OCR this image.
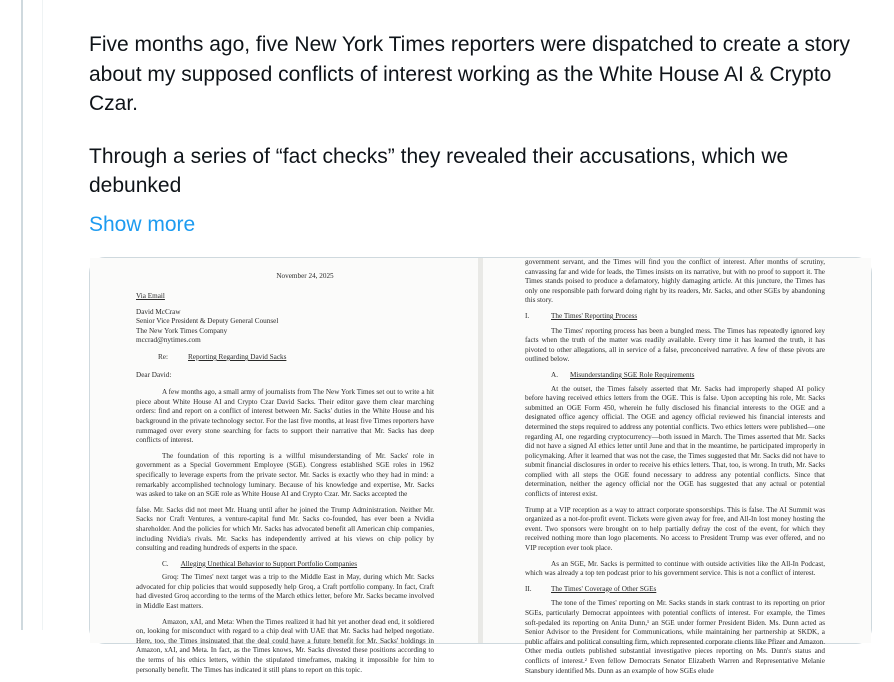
Five months ago, five New York Times reporters were dispatched to create a story about my supposed conflicts of interest working as the White House AI & Crypto Czar.

Through a series of “fact checks” they revealed their accusations, which we debunked

Show more
November 24, 2025
Via Email
David McCraw
Senior Vice President & Deputy General Counsel
The New York Times Company
mccrad@nytimes.com
Re:	Reporting Regarding David Sacks
Dear David:
A few months ago, a small army of journalists from The New York Times set out to write a hit piece about White House AI and Crypto Czar David Sacks. Their editor gave them clear marching orders: find and report on a conflict of interest between Mr. Sacks' duties in the White House and his background in the private technology sector. For the last five months, at least five Times reporters have rummaged over every stone searching for facts to support their narrative that Mr. Sacks has deep conflicts of interest.
The foundation of this reporting is a willful misunderstanding of Mr. Sacks' role in government as a Special Government Employee (SGE). Congress established SGE roles in 1962 specifically to leverage experts from the private sector. Mr. Sacks is exactly who they had in mind: a remarkably accomplished technology luminary. Because of his knowledge and expertise, Mr. Sacks was asked to take on an SGE role as White House AI and Crypto Czar. Mr. Sacks accepted the
false. Mr. Sacks did not meet Mr. Huang until after he joined the Trump Administration. Neither Mr. Sacks nor Craft Ventures, a venture-capital fund Mr. Sacks co-founded, has ever been a Nvidia shareholder. And the policies for which Mr. Sacks has advocated benefit all American chip companies, including Nvidia's rivals. Mr. Sacks has independently arrived at his views on chip policy by consulting and reading hundreds of experts in the space.
C. Alleging Unethical Behavior to Support Portfolio Companies
Groq: The Times' next target was a trip to the Middle East in May, during which Mr. Sacks advocated for chip policies that would supposedly help Groq, a Craft portfolio company. In fact, Craft had divested Groq according to the terms of the March ethics letter, before Mr. Sacks became involved in Middle East matters.
Amazon, xAI, and Meta: When the Times realized it had hit yet another dead end, it soldiered on, looking for misconduct with regard to a chip deal with UAE that Mr. Sacks had helped negotiate. Here, too, the Times insinuated that the deal could have a future benefit for Mr. Sacks' holdings in Amazon, xAI, and Meta. In fact, as the Times knows, Mr. Sacks divested these positions according to the terms of his ethics letters, within the stipulated timeframes, making it impossible for him to personally benefit. The Times has indicated it still plans to report on this topic.
government servant, and the Times will find you the conflict of interest. After months of scrutiny, canvassing far and wide for leads, the Times insists on its narrative, but with no proof to support it. The Times stands poised to produce a defamatory, highly damaging article. At this juncture, the Times has only one responsible path forward doing right by its readers, Mr. Sacks, and other SGEs by abandoning this story.
I.	The Times' Reporting Process
The Times' reporting process has been a bungled mess. The Times has repeatedly ignored key facts when the truth of the matter was readily available. Every time it has learned the truth, it has pivoted to other allegations, all in service of a false, preconceived narrative. A few of these pivots are outlined below.
A. Misunderstanding SGE Role Requirements
At the outset, the Times falsely asserted that Mr. Sacks had improperly shaped AI policy before having received ethics letters from the OGE. This is false. Upon accepting his role, Mr. Sacks submitted an OGE Form 450, wherein he fully disclosed his financial interests to the OGE and a designated office agency official. The OGE and agency official reviewed his financial interests and determined the steps required to address any potential conflicts. Two ethics letters were published—one regarding AI, one regarding cryptocurrency—both issued in March. The Times asserted that Mr. Sacks did not have a signed AI ethics letter until June and that in the meantime, he participated improperly in policymaking. After it learned that was not the case, the Times suggested that Mr. Sacks did not have to submit financial disclosures in order to receive his ethics letters. That, too, is wrong. In truth, Mr. Sacks complied with all steps the OGE found necessary to address any potential conflicts. Since that determination, neither the agency official nor the OGE has suggested that any actual or potential conflicts of interest exist.
Trump at a VIP reception as a way to attract corporate sponsorships. This is false. The AI Summit was organized as a not-for-profit event. Tickets were given away for free, and All-In lost money hosting the event. Two sponsors were brought on to help partially defray the cost of the event, for which they received nothing more than logo placements. No access to President Trump was ever offered, and no VIP reception ever took place.
As an SGE, Mr. Sacks is permitted to continue with outside activities like the All-In Podcast, which was already a top ten podcast prior to his government service. This is not a conflict of interest.
II.	The Times' Coverage of Other SGEs
The tone of the Times' reporting on Mr. Sacks stands in stark contrast to its reporting on prior SGEs, particularly Democrat appointees with potential conflicts of interest. For example, the Times soft-pedaled its reporting on Anita Dunn,¹ an SGE under former President Biden. Ms. Dunn acted as Senior Advisor to the President for Communications, while maintaining her partnership at SKDK, a public affairs and political consulting firm, which represented corporate clients like Pfizer and Amazon. Other media outlets published substantial investigative pieces reporting on Ms. Dunn's status and conflicts of interest.² Even fellow Democrats Senator Elizabeth Warren and Representative Melanie Stansbury identified Ms. Dunn as an example of how SGEs elude
